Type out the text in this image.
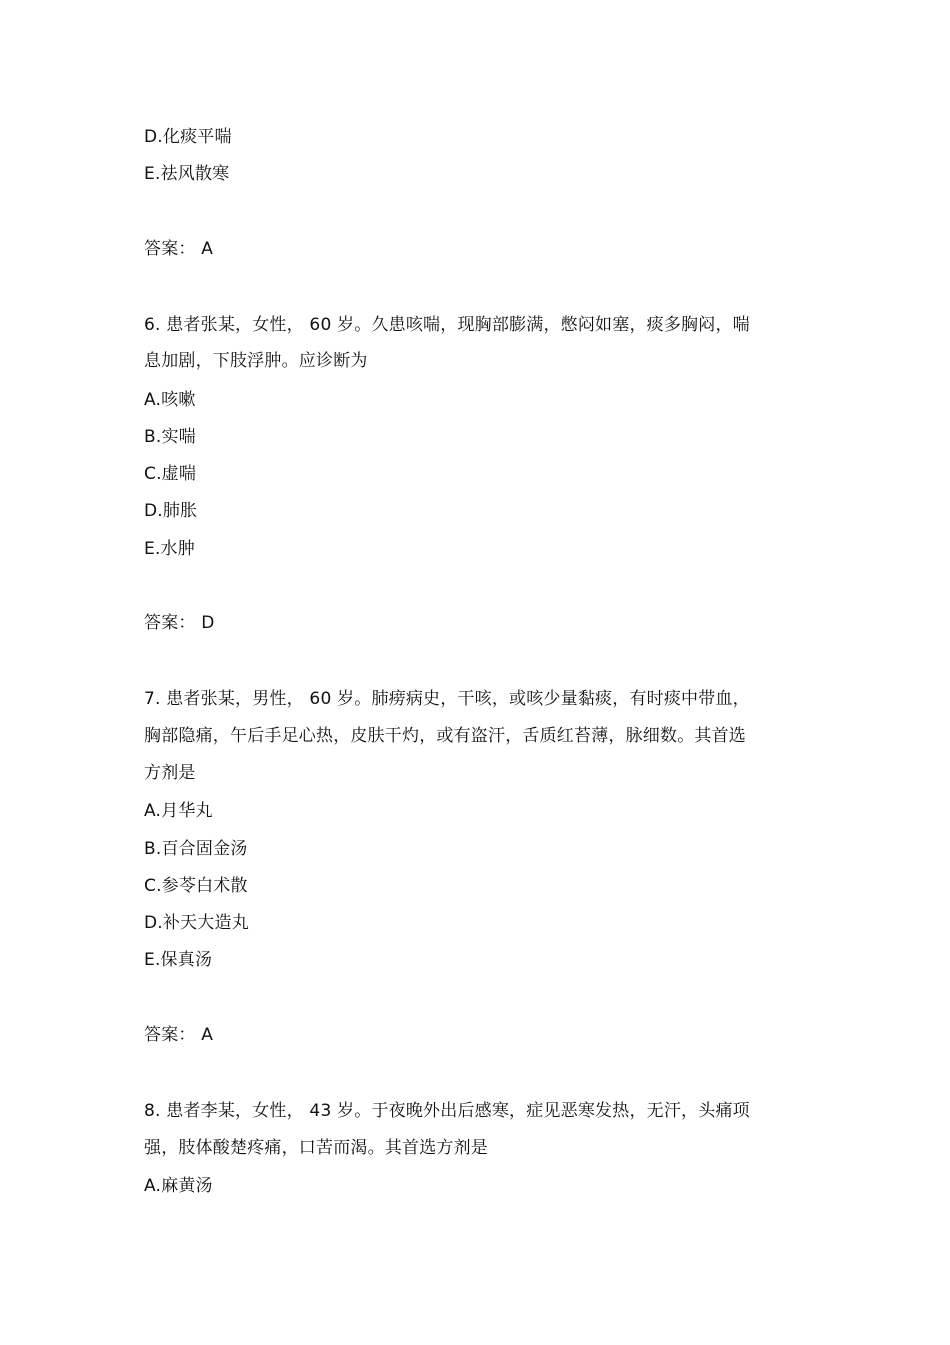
D.化痰平喘
E.祛风散寒
答案： A
6. 患者张某，女性， 60 岁。久患咳喘，现胸部膨满，憋闷如塞，痰多胸闷，喘
息加剧，下肢浮肿。应诊断为
A.咳嗽
B.实喘
C.虚喘
D.肺胀
E.水肿
答案： D
7. 患者张某，男性， 60 岁。肺痨病史，干咳，或咳少量黏痰，有时痰中带血，
胸部隐痛，午后手足心热，皮肤干灼，或有盗汗，舌质红苔薄，脉细数。其首选
方剂是
A.月华丸
B.百合固金汤
C.参苓白术散
D.补天大造丸
E.保真汤
答案： A
8. 患者李某，女性， 43 岁。于夜晚外出后感寒，症见恶寒发热，无汗，头痛项
强，肢体酸楚疼痛，口苦而渴。其首选方剂是
A.麻黄汤
